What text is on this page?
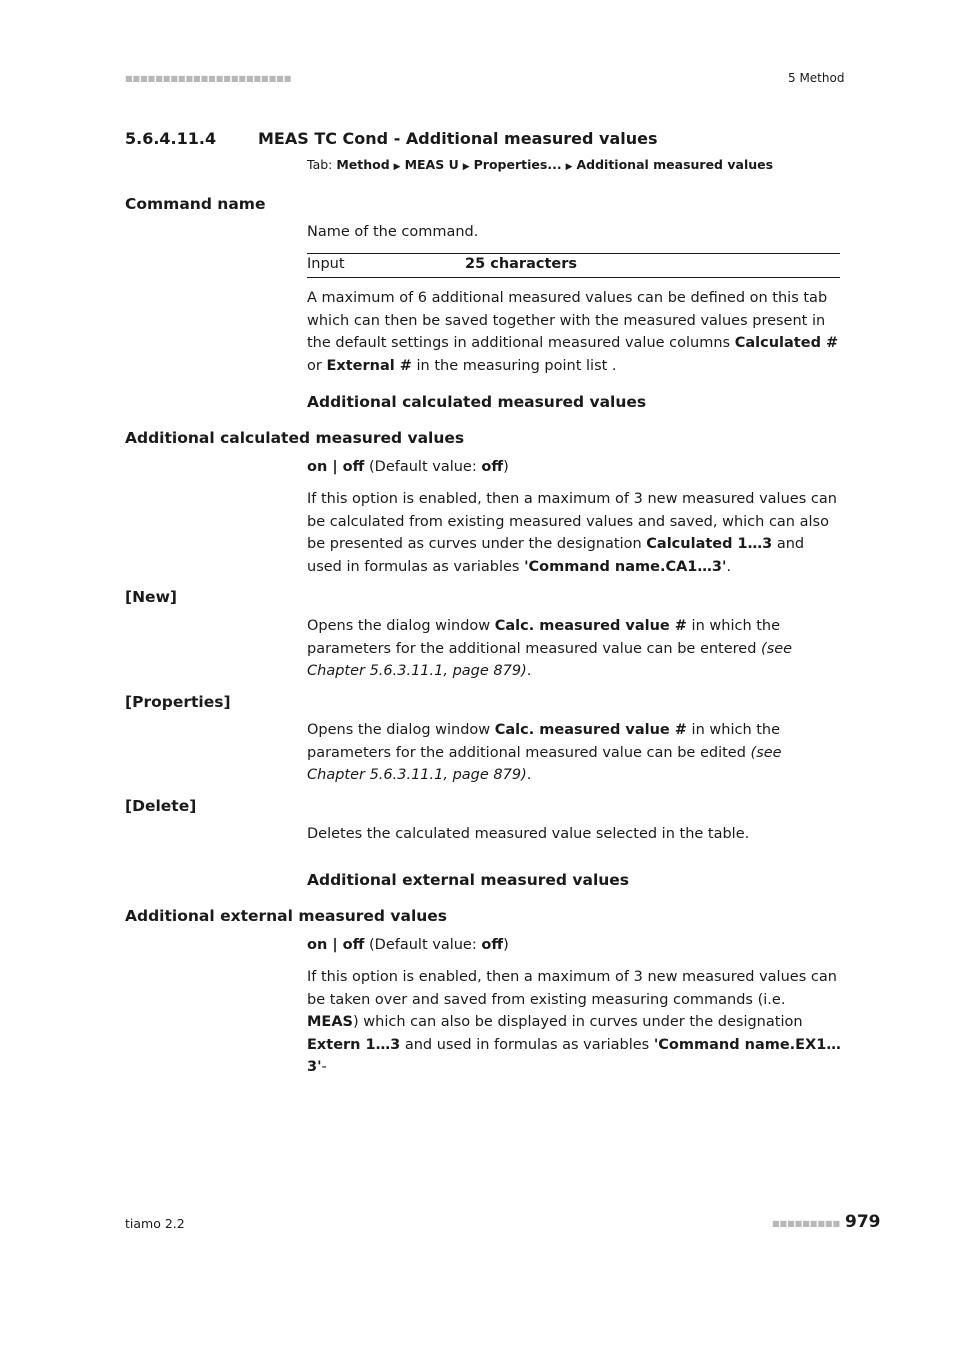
■■■■■■■■■■■■■■■■■■■■■■	5 Method
5.6.4.11.4	MEAS TC Cond - Additional measured values
Tab: Method ▶ MEAS U ▶ Properties... ▶ Additional measured values
Command name
Name of the command.
Input	25 characters
A maximum of 6 additional measured values can be defined on this tab which can then be saved together with the measured values present in the default settings in additional measured value columns Calculated # or External # in the measuring point list .
Additional calculated measured values
Additional calculated measured values
on | off (Default value: off)
If this option is enabled, then a maximum of 3 new measured values can be calculated from existing measured values and saved, which can also be presented as curves under the designation Calculated 1…3 and used in formulas as variables 'Command name.CA1…3'.
[New]
Opens the dialog window Calc. measured value # in which the parameters for the additional measured value can be entered (see Chapter 5.6.3.11.1, page 879).
[Properties]
Opens the dialog window Calc. measured value # in which the parameters for the additional measured value can be edited (see Chapter 5.6.3.11.1, page 879).
[Delete]
Deletes the calculated measured value selected in the table.
Additional external measured values
Additional external measured values
on | off (Default value: off)
If this option is enabled, then a maximum of 3 new measured values can be taken over and saved from existing measuring commands (i.e. MEAS) which can also be displayed in curves under the designation Extern 1…3 and used in formulas as variables 'Command name.EX1…3'-
tiamo 2.2	■■■■■■■■■ 979
